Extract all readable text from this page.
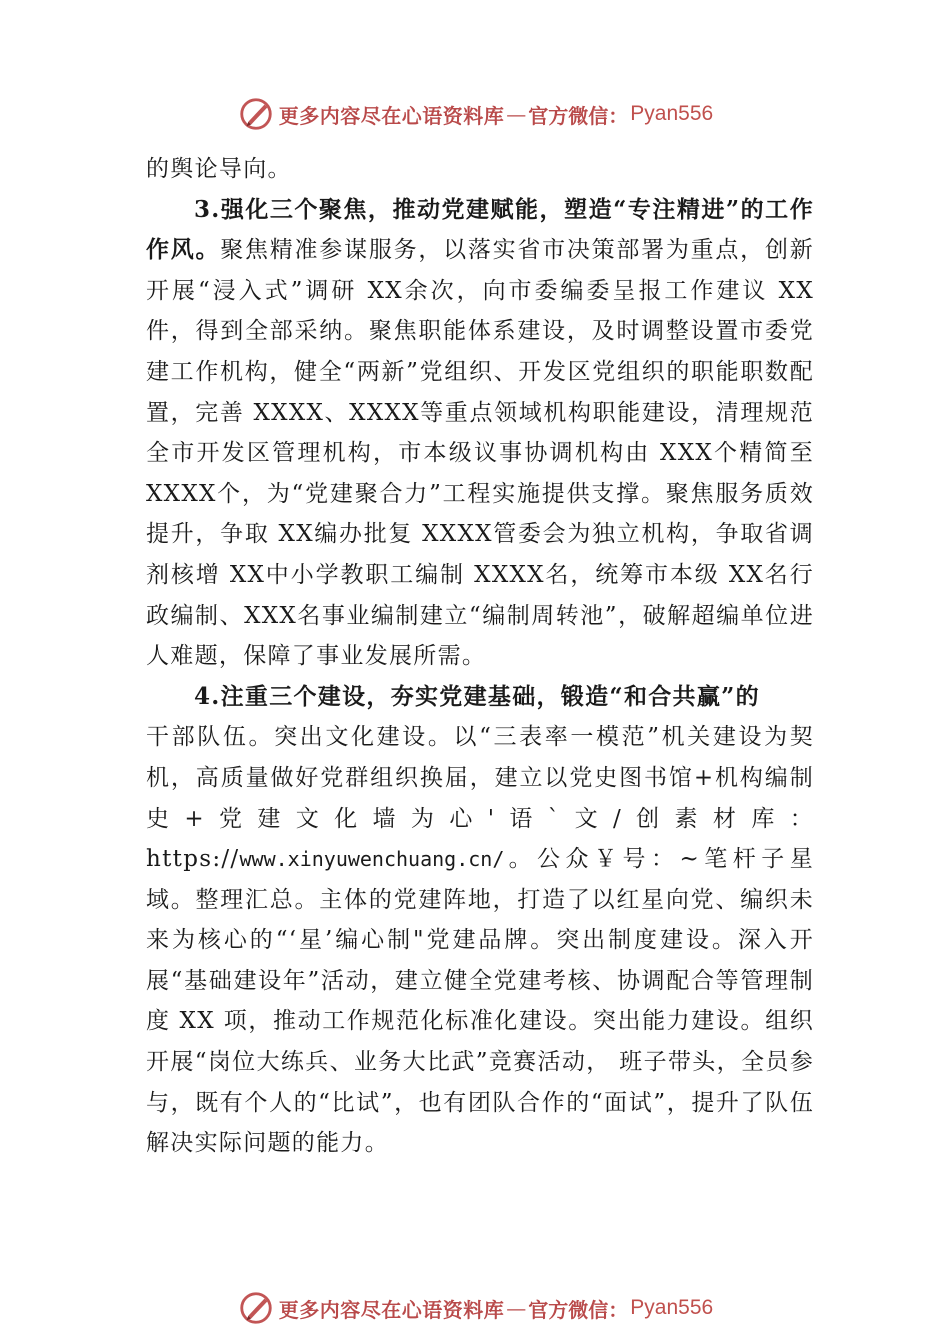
更多内容尽在心语资料库 — 官方微信： Pyan556

的舆论导向。

3.强化三个聚焦，推动党建赋能，塑造“专注精进”的工作作风。聚焦精准参谋服务，以落实省市决策部署为重点，创新开展“浸入式”调研 XX余次，向市委编委呈报工作建议 XX件，得到全部采纳。聚焦职能体系建设，及时调整设置市委党建工作机构，健全“两新”党组织、开发区党组织的职能职数配置，完善 XXXX、XXXX等重点领域机构职能建设，清理规范全市开发区管理机构，市本级议事协调机构由 XXX个精简至 XXXX个，为“党建聚合力”工程实施提供支撑。聚焦服务质效提升，争取 XX编办批复 XXXX管委会为独立机构，争取省调剂核增 XX中小学教职工编制 XXXX名，统筹市本级 XX名行政编制、XXX名事业编制建立“编制周转池”，破解超编单位进人难题，保障了事业发展所需。

4.注重三个建设，夯实党建基础，锻造“和合共赢”的

干部队伍。突出文化建设。以“三表率一模范”机关建设为契机，高质量做好党群组织换届，建立以党史图书馆+机构编制史+党建文化墙为心'语`文/创素材库：https://www.xinyuwenchuang.cn/。公众￥号：~笔杆子星域。整理汇总。主体的党建阵地，打造了以红星向党、编织未来为核心的“‘星’编心制"党建品牌。突出制度建设。深入开展“基础建设年”活动，建立健全党建考核、协调配合等管理制度 XX 项，推动工作规范化标准化建设。突出能力建设。组织开展“岗位大练兵、业务大比武”竞赛活动， 班子带头，全员参与，既有个人的“比试”，也有团队合作的“面试”，提升了队伍解决实际问题的能力。

更多内容尽在心语资料库 — 官方微信： Pyan556
